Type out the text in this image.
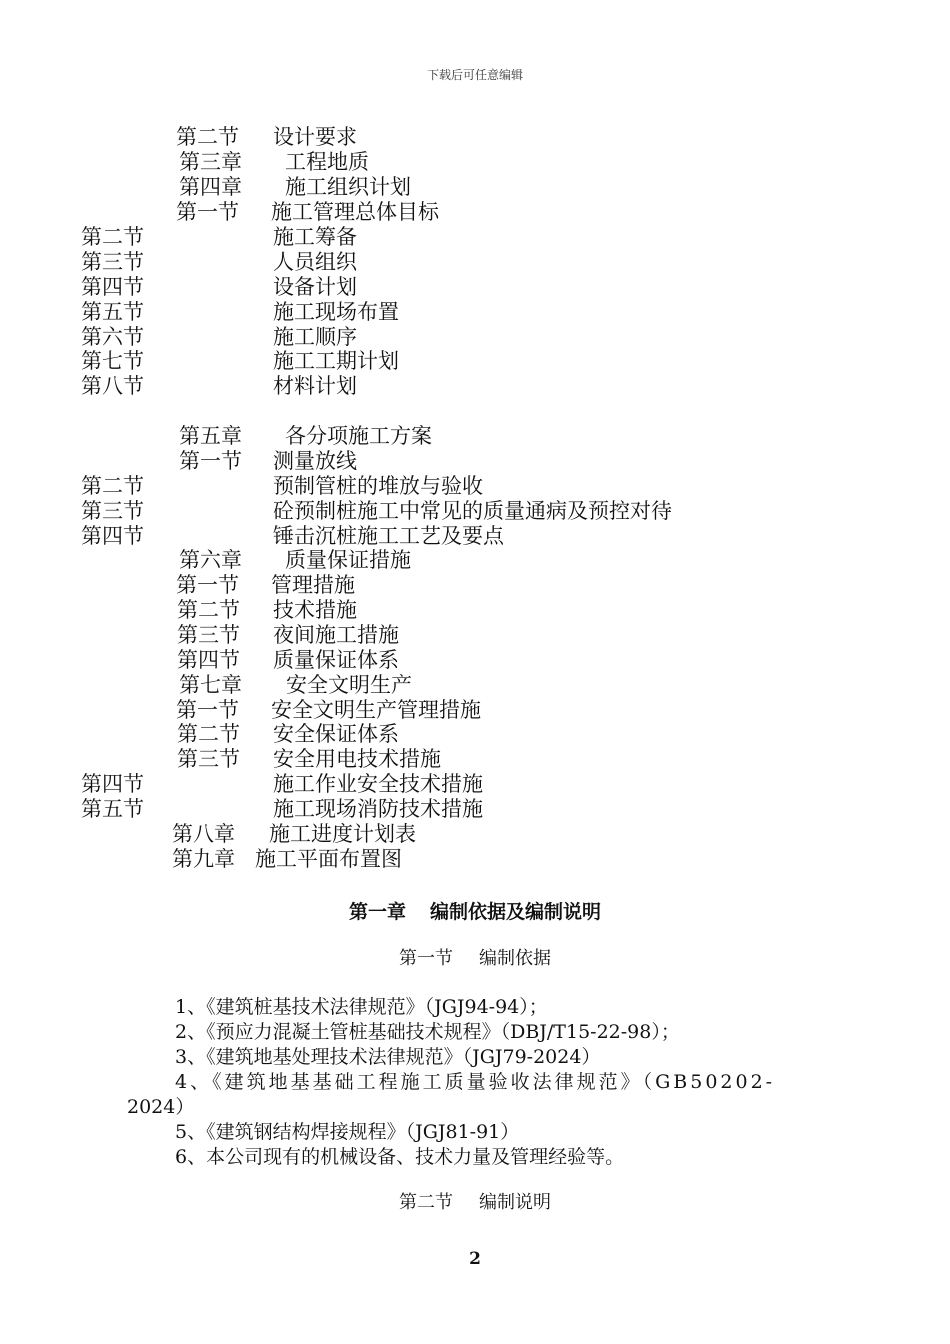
下载后可任意编辑
第二节 设计要求
第三章 工程地质
第四章 施工组织计划
第一节 施工管理总体目标
第二节	施工筹备
第三节	人员组织
第四节	设备计划
第五节	施工现场布置
第六节	施工顺序
第七节	施工工期计划
第八节	材料计划
第五章 各分项施工方案
第一节 测量放线
第二节	预制管桩的堆放与验收
第三节	砼预制桩施工中常见的质量通病及预控对待
第四节	锤击沉桩施工工艺及要点
第六章 质量保证措施
第一节 管理措施
第二节 技术措施
第三节 夜间施工措施
第四节 质量保证体系
第七章 安全文明生产
第一节 安全文明生产管理措施
第二节 安全保证体系
第三节 安全用电技术措施
第四节	施工作业安全技术措施
第五节	施工现场消防技术措施
第八章 施工进度计划表
第九章 施工平面布置图
第一章 编制依据及编制说明
第一节 编制依据
1、《建筑桩基技术法律规范》（JGJ94-94）；
2、《预应力混凝土管桩基础技术规程》（DBJ/T15-22-98）；
3、《建筑地基处理技术法律规范》（JGJ79-2024）
4、《建筑地基基础工程施工质量验收法律规范》（GB50202-
2024）
5、《建筑钢结构焊接规程》（JGJ81-91）
6、本公司现有的机械设备、技术力量及管理经验等。
第二节 编制说明
2
